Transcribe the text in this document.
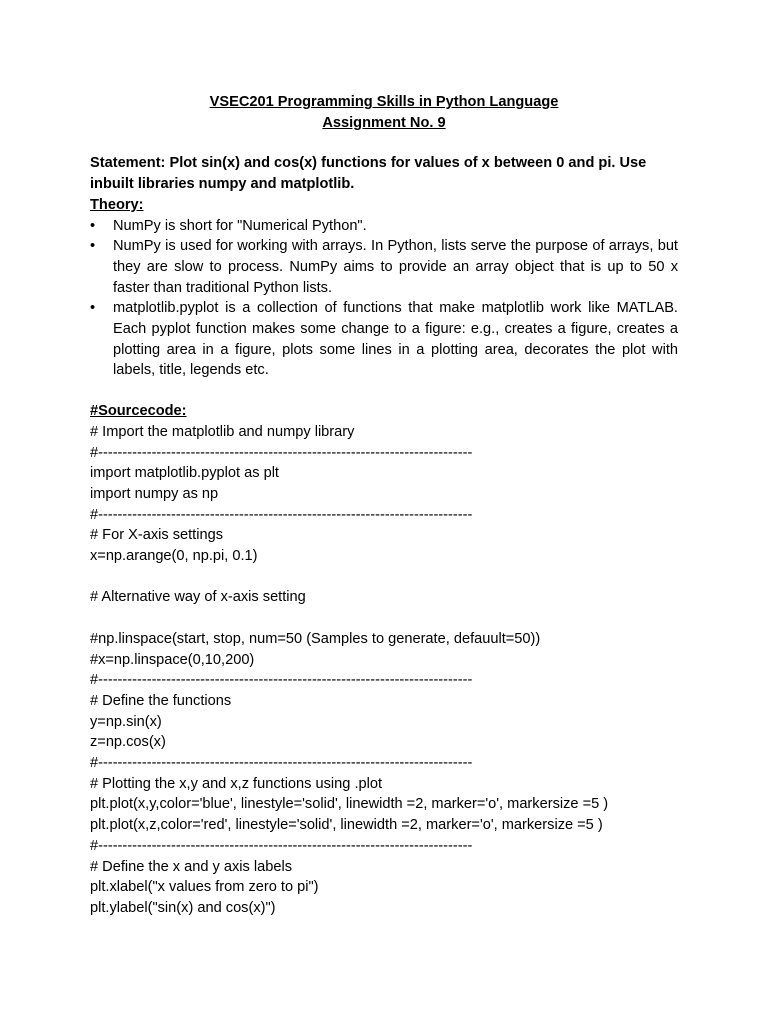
VSEC201 Programming Skills in Python Language
Assignment No. 9
Statement: Plot sin(x) and cos(x) functions for values of x between 0 and pi. Use inbuilt libraries numpy and matplotlib.
Theory:
• NumPy is short for "Numerical Python".
• NumPy is used for working with arrays. In Python, lists serve the purpose of arrays, but they are slow to process. NumPy aims to provide an array object that is up to 50 x faster than traditional Python lists.
• matplotlib.pyplot is a collection of functions that make matplotlib work like MATLAB. Each pyplot function makes some change to a figure: e.g., creates a figure, creates a plotting area in a figure, plots some lines in a plotting area, decorates the plot with labels, title, legends etc.
#Sourcecode:
# Import the matplotlib and numpy library
#-----------------------------------------------------------------------------
import matplotlib.pyplot as plt
import numpy as np
#-----------------------------------------------------------------------------
# For X-axis settings
x=np.arange(0, np.pi, 0.1)
# Alternative way of x-axis setting
#np.linspace(start, stop, num=50 (Samples to generate, defauult=50))
#x=np.linspace(0,10,200)
#-----------------------------------------------------------------------------
# Define the functions
y=np.sin(x)
z=np.cos(x)
#-----------------------------------------------------------------------------
# Plotting the x,y and x,z functions using .plot
plt.plot(x,y,color='blue', linestyle='solid', linewidth =2, marker='o', markersize =5 )
plt.plot(x,z,color='red', linestyle='solid', linewidth =2, marker='o', markersize =5 )
#-----------------------------------------------------------------------------
# Define the x and y axis labels
plt.xlabel("x values from zero to pi")
plt.ylabel("sin(x) and cos(x)")
